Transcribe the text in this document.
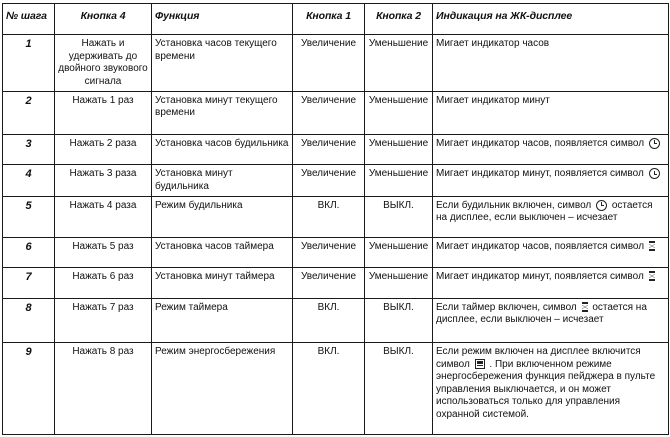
№ шага	Кнопка 4	Функция	Кнопка 1	Кнопка 2	Индикация на ЖК-дисплее
1	Нажать и удерживать до двойного звукового сигнала	Установка часов текущего времени	Увеличение	Уменьшение	Мигает индикатор часов
2	Нажать 1 раз	Установка минут текущего времени	Увеличение	Уменьшение	Мигает индикатор минут
3	Нажать 2 раза	Установка часов будильника	Увеличение	Уменьшение	Мигает индикатор часов, появляется символ
4	Нажать 3 раза	Установка минут будильника	Увеличение	Уменьшение	Мигает индикатор минут, появляется символ
5	Нажать 4 раза	Режим будильника	ВКЛ.	ВЫКЛ.	Если будильник включен, символ остается на дисплее, если выключен – исчезает
6	Нажать 5 раз	Установка часов таймера	Увеличение	Уменьшение	Мигает индикатор часов, появляется символ
7	Нажать 6 раз	Установка минут таймера	Увеличение	Уменьшение	Мигает индикатор минут, появляется символ
8	Нажать 7 раз	Режим таймера	ВКЛ.	ВЫКЛ.	Если таймер включен, символ остается на дисплее, если выключен – исчезает
9	Нажать 8 раз	Режим энергосбережения	ВКЛ.	ВЫКЛ.	Если режим включен на дисплее включится символ . При включенном режиме энергосбережения функция пейджера в пульте управления выключается, и он может использоваться только для управления охранной системой.
